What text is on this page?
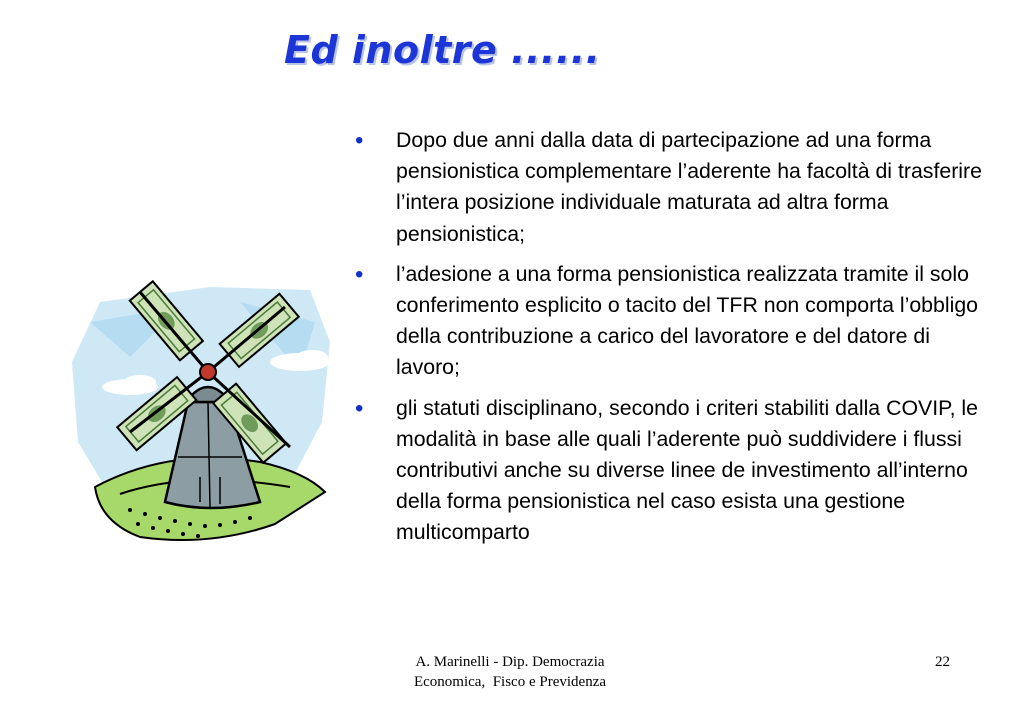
Ed inoltre ......
• Dopo due anni dalla data di partecipazione ad una forma pensionistica complementare l’aderente ha facoltà di trasferire l’intera posizione individuale maturata ad altra forma pensionistica;
• l’adesione a una forma pensionistica realizzata tramite il solo conferimento esplicito o tacito del TFR non comporta l’obbligo della contribuzione a carico del lavoratore e del datore di lavoro;
• gli statuti disciplinano, secondo i criteri stabiliti dalla COVIP, le modalità in base alle quali l’aderente può suddividere i flussi contributivi anche su diverse linee de investimento all’interno della forma pensionistica nel caso esista una gestione multicomparto
A. Marinelli - Dip. Democrazia
Economica,  Fisco e Previdenza
22
